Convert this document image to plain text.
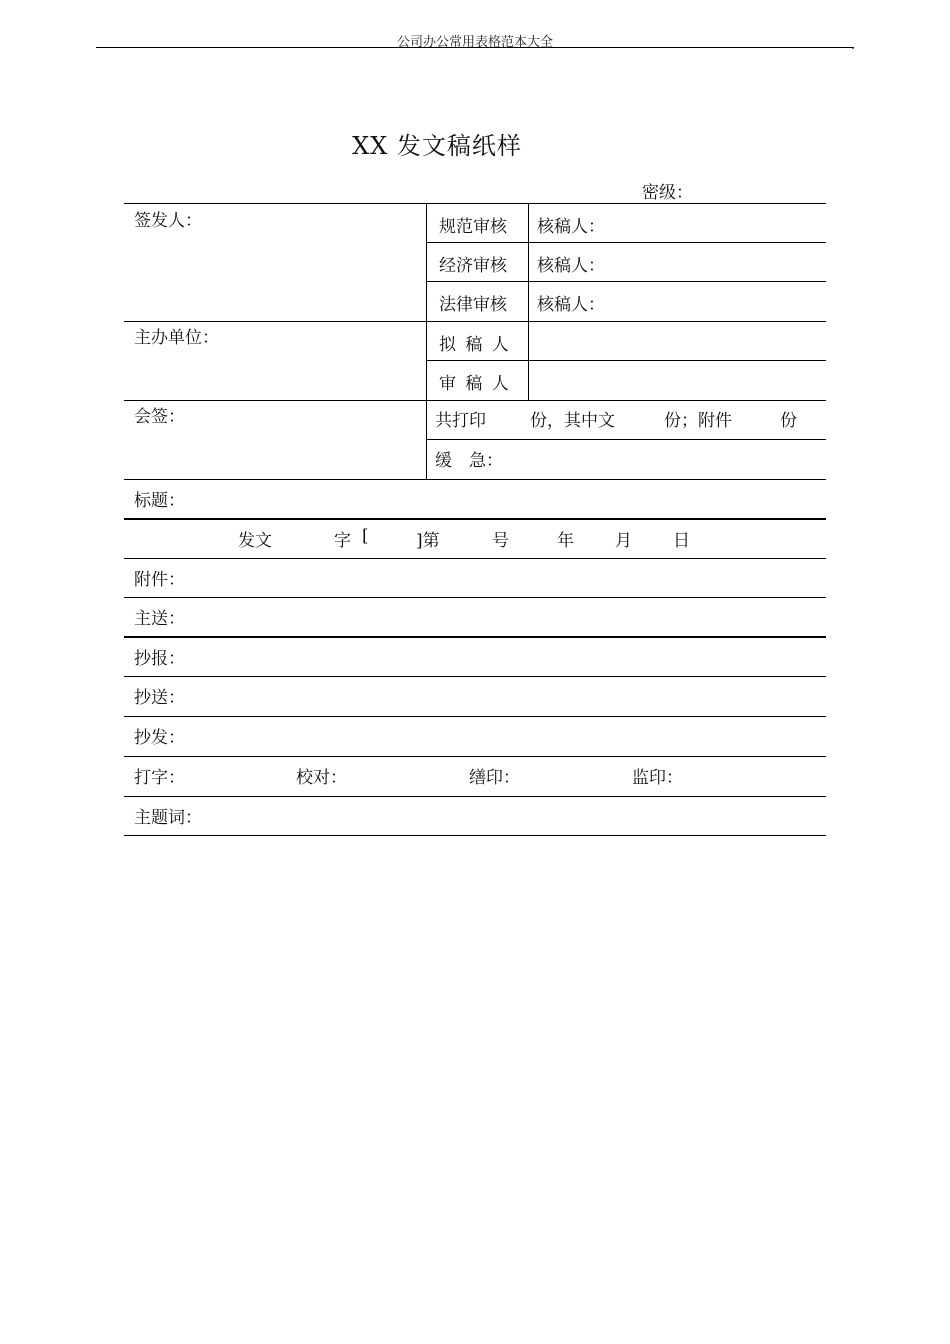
公司办公常用表格范本大全	.
XX 发文稿纸样
密级：
签发人：	规范审核 核稿人：
经济审核 核稿人：
法律审核 核稿人：
主办单位：	拟 稿 人
审 稿 人
会签：	共打印	份，其中文	份；附件	份
缓　急：
标题：
发文	字 [	]第	号	年 月 日
附件：
主送：
抄报：
抄送：
抄发：
打字：	校对：	缮印：	监印：
主题词：
